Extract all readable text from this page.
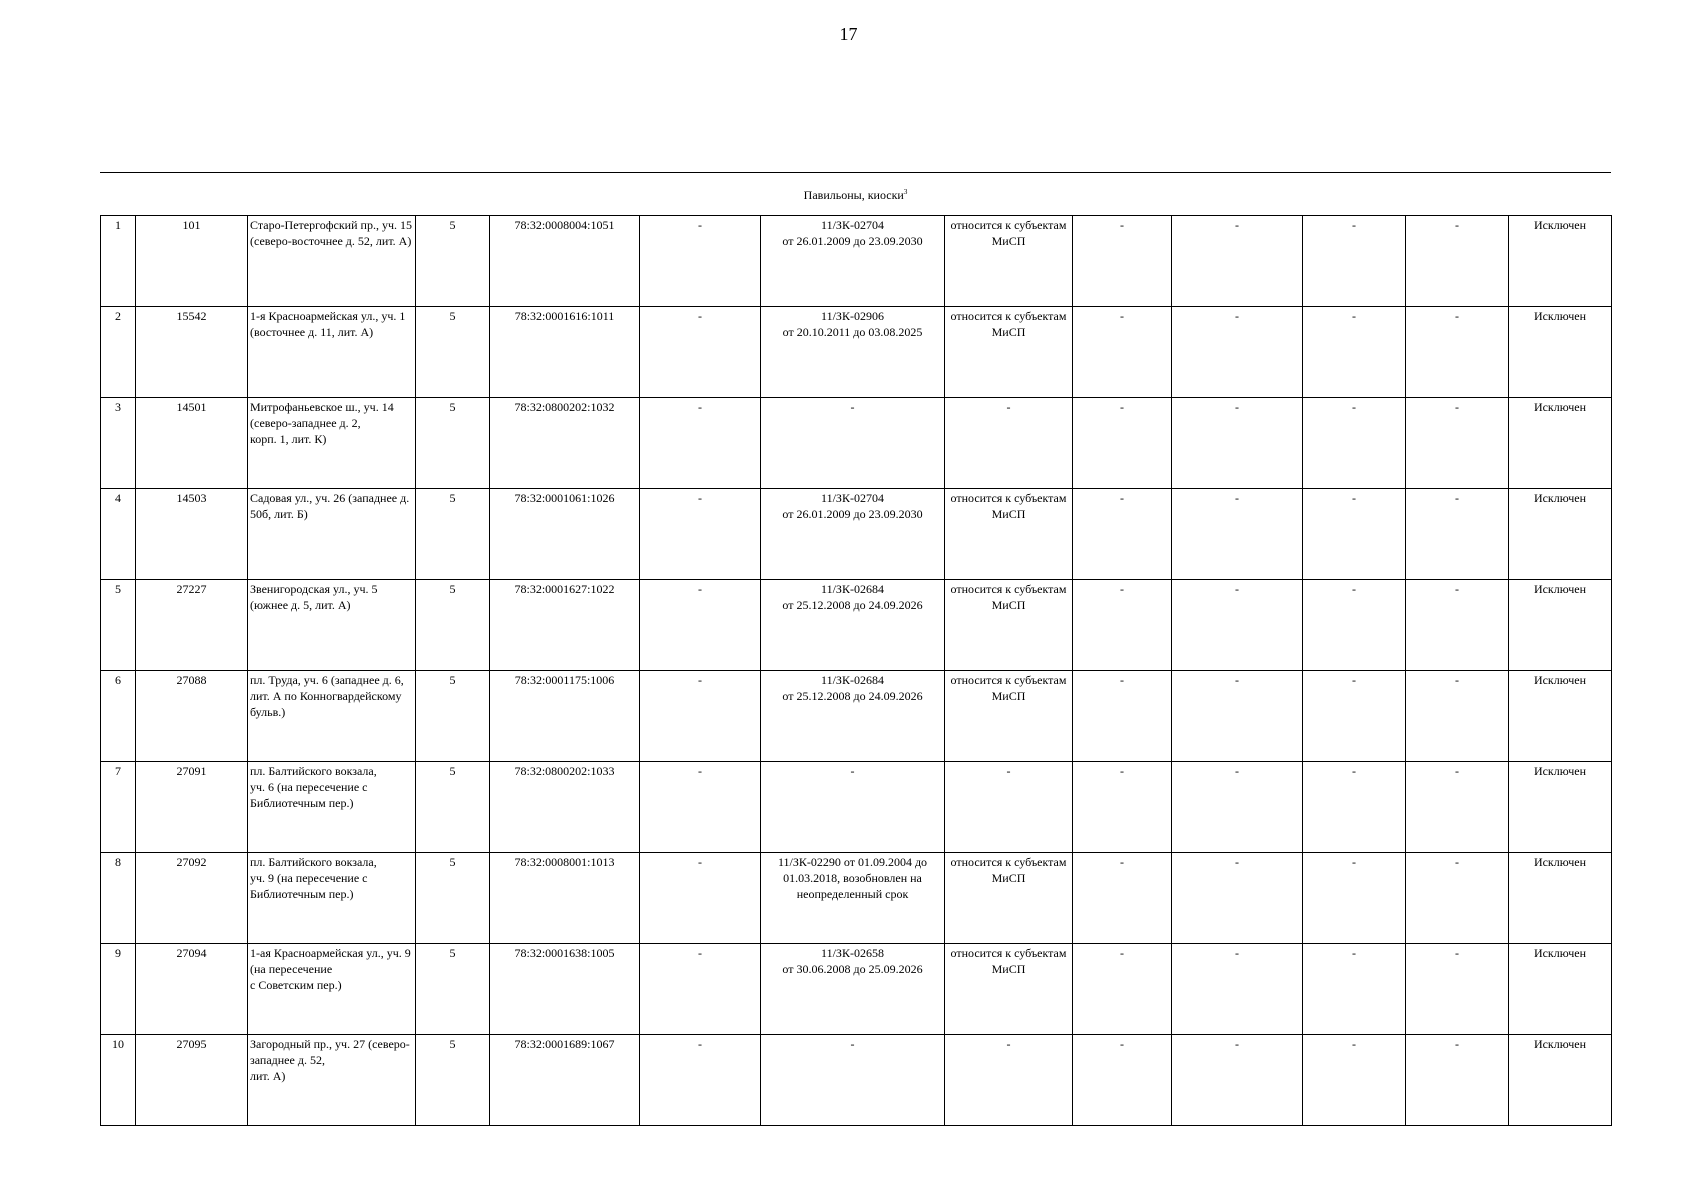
17
Павильоны, киоски$^3$
1	101	Старо-Петергофский пр., уч. 15 (северо-восточнее д. 52, лит. А)	5	78:32:0008004:1051	-	11/ЗК-02704
от 26.01.2009 до 23.09.2030	относится к субъектам МиСП	-	-	-	-	Исключен
2	15542	1-я Красноармейская ул., уч. 1 (восточнее д. 11, лит. А)	5	78:32:0001616:1011	-	11/ЗК-02906
от 20.10.2011 до 03.08.2025	относится к субъектам МиСП	-	-	-	-	Исключен
3	14501	Митрофаньевское ш., уч. 14 (северо-западнее д. 2,
корп. 1, лит. К)	5	78:32:0800202:1032	-	-	-	-	-	-	-	Исключен
4	14503	Садовая ул., уч. 26 (западнее д. 50б, лит. Б)	5	78:32:0001061:1026	-	11/ЗК-02704
от 26.01.2009 до 23.09.2030	относится к субъектам МиСП	-	-	-	-	Исключен
5	27227	Звенигородская ул., уч. 5 (южнее д. 5, лит. А)	5	78:32:0001627:1022	-	11/ЗК-02684
от 25.12.2008 до 24.09.2026	относится к субъектам МиСП	-	-	-	-	Исключен
6	27088	пл. Труда, уч. 6 (западнее д. 6, лит. А по Конногвардейскому бульв.)	5	78:32:0001175:1006	-	11/ЗК-02684
от 25.12.2008 до 24.09.2026	относится к субъектам МиСП	-	-	-	-	Исключен
7	27091	пл. Балтийского вокзала,
уч. 6 (на пересечение с Библиотечным пер.)	5	78:32:0800202:1033	-	-	-	-	-	-	-	Исключен
8	27092	пл. Балтийского вокзала,
уч. 9 (на пересечение с Библиотечным пер.)	5	78:32:0008001:1013	-	11/ЗК-02290 от 01.09.2004 до 01.03.2018, возобновлен на неопределенный срок	относится к субъектам МиСП	-	-	-	-	Исключен
9	27094	1-ая Красноармейская ул., уч. 9 (на пересечение
с Советским пер.)	5	78:32:0001638:1005	-	11/ЗК-02658
от 30.06.2008 до 25.09.2026	относится к субъектам МиСП	-	-	-	-	Исключен
10	27095	Загородный пр., уч. 27 (северо-западнее д. 52,
лит. А)	5	78:32:0001689:1067	-	-	-	-	-	-	-	Исключен
